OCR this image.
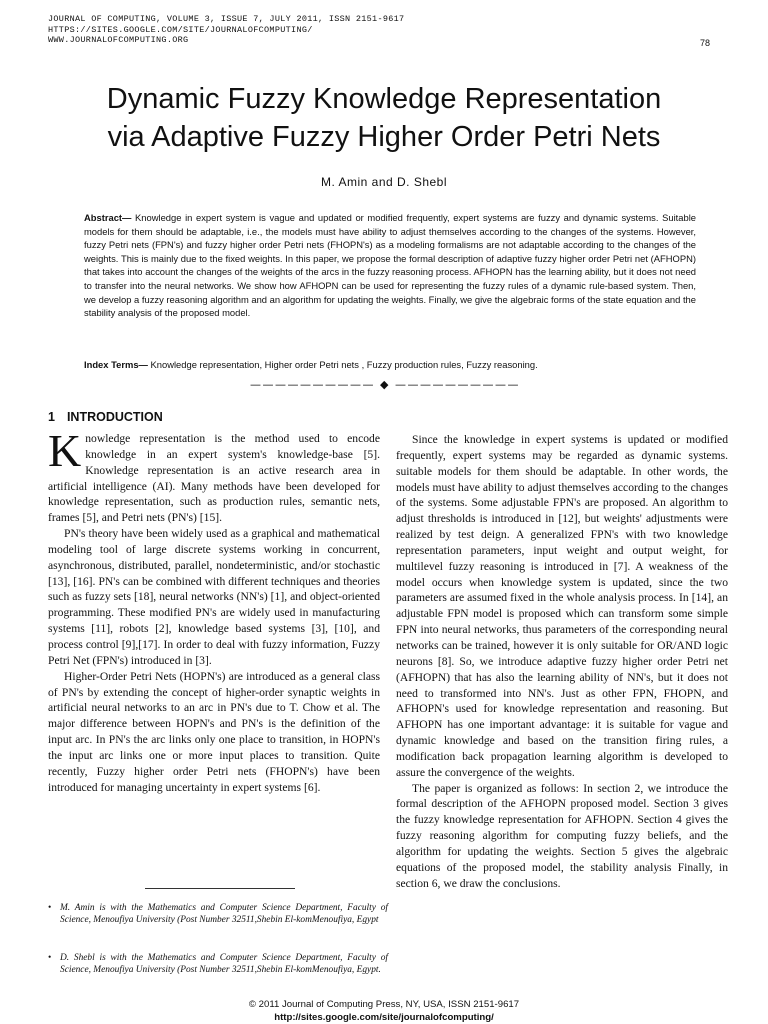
JOURNAL OF COMPUTING, VOLUME 3, ISSUE 7, JULY 2011, ISSN 2151-9617
HTTPS://SITES.GOOGLE.COM/SITE/JOURNALOFCOMPUTING/
WWW.JOURNALOFCOMPUTING.ORG	78
Dynamic Fuzzy Knowledge Representation
via Adaptive Fuzzy Higher Order Petri Nets
M. Amin and D. Shebl

Abstract— Knowledge in expert system is vague and updated or modified frequently, expert systems are fuzzy and dynamic systems. Suitable models for them should be adaptable, i.e., the models must have ability to adjust themselves according to the changes of the systems. However, fuzzy Petri nets (FPN's) and fuzzy higher order Petri nets (FHOPN's) as a modeling formalisms are not adaptable according to the changes of the weights. This is mainly due to the fixed weights. In this paper, we propose the formal description of adaptive fuzzy higher order Petri net (AFHOPN) that takes into account the changes of the weights of the arcs in the fuzzy reasoning process. AFHOPN has the learning ability, but it does not need to transfer into the neural networks. We show how AFHOPN can be used for representing the fuzzy rules of a dynamic rule-based system. Then, we develop a fuzzy reasoning algorithm and an algorithm for updating the weights. Finally, we give the algebraic forms of the state equation and the stability analysis of the proposed model.

Index Terms— Knowledge representation, Higher order Petri nets , Fuzzy production rules, Fuzzy reasoning.

—————————— ◆ ——————————
1 INTRODUCTION

Knowledge representation is the method used to encode knowledge in an expert system's knowledge-base [5]. Knowledge representation is an active research area in artificial intelligence (AI). Many methods have been developed for knowledge representation, such as production rules, semantic nets, frames [5], and Petri nets (PN's) [15].

PN's theory have been widely used as a graphical and mathematical modeling tool of large discrete systems working in concurrent, asynchronous, distributed, parallel, nondeterministic, and/or stochastic [13], [16]. PN's can be combined with different techniques and theories such as fuzzy sets [18], neural networks (NN's) [1], and object-oriented programming. These modified PN's are widely used in manufacturing systems [11], robots [2], knowledge based systems [3], [10], and process control [9],[17]. In order to deal with fuzzy information, Fuzzy Petri Net (FPN's) introduced in [3].

Higher-Order Petri Nets (HOPN's) are introduced as a general class of PN's by extending the concept of higher-order synaptic weights in artificial neural networks to an arc in PN's due to T. Chow et al. The major difference between HOPN's and PN's is the definition of the input arc. In PN's the arc links only one place to transition, in HOPN's the input arc links one or more input places to transition. Quite recently, Fuzzy higher order Petri nets (FHOPN's) have been introduced for managing uncertainty in expert systems [6].

Since the knowledge in expert systems is updated or modified frequently, expert systems may be regarded as dynamic systems. suitable models for them should be adaptable. In other words, the models must have ability to adjust themselves according to the changes of the systems. Some adjustable FPN's are proposed. An algorithm to adjust thresholds is introduced in [12], but weights' adjustments were realized by test deign. A generalized FPN's with two knowledge representation parameters, input weight and output weight, for multilevel fuzzy reasoning is introduced in [7]. A weakness of the model occurs when knowledge system is updated, since the two parameters are assumed fixed in the whole analysis process. In [14], an adjustable FPN model is proposed which can transform some simple FPN into neural networks, thus parameters of the corresponding neural networks can be trained, however it is only suitable for OR/AND logic neurons [8]. So, we introduce adaptive fuzzy higher order Petri net (AFHOPN) that has also the learning ability of NN's, but it does not need to transformed into NN's. Just as other FPN, FHOPN, and AFHOPN's used for knowledge representation and reasoning. But AFHOPN has one important advantage: it is suitable for vague and dynamic knowledge and based on the transition firing rules, a modification back propagation learning algorithm is developed to assure the convergence of the weights.

The paper is organized as follows: In section 2, we introduce the formal description of the AFHOPN proposed model. Section 3 gives the fuzzy knowledge representation for AFHOPN. Section 4 gives the fuzzy reasoning algorithm for computing fuzzy beliefs, and the algorithm for updating the weights. Section 5 gives the algebraic equations of the proposed model, the stability analysis Finally, in section 6, we draw the conclusions.

• M. Amin is with the Mathematics and Computer Science Department, Faculty of Science, Menoufiya University (Post Number 32511,Shebin El-komMenoufiya, Egypt
• D. Shebl is with the Mathematics and Computer Science Department, Faculty of Science, Menoufiya University (Post Number 32511,Shebin El-komMenoufiya, Egypt.
© 2011 Journal of Computing Press, NY, USA, ISSN 2151-9617
http://sites.google.com/site/journalofcomputing/
